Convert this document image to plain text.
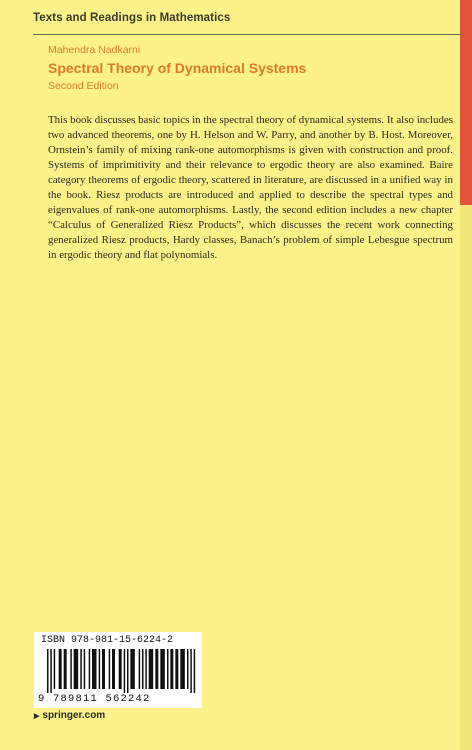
Texts and Readings in Mathematics
Mahendra Nadkarni
Spectral Theory of Dynamical Systems
Second Edition

This book discusses basic topics in the spectral theory of dynamical systems. It also includes two advanced theorems, one by H. Helson and W. Parry, and another by B. Host. Moreover, Ornstein’s family of mixing rank-one automorphisms is given with construction and proof. Systems of imprimitivity and their relevance to ergodic theory are also examined. Baire category theorems of ergodic theory, scattered in literature, are discussed in a unified way in the book. Riesz products are introduced and applied to describe the spectral types and eigenvalues of rank-one automorphisms. Lastly, the second edition includes a new chapter “Calculus of Generalized Riesz Products”, which discusses the recent work connecting generalized Riesz products, Hardy classes, Banach’s problem of simple Lebesgue spectrum in ergodic theory and flat polynomials.

ISBN 978-981-15-6224-2
9 789811 562242
▶ springer.com
